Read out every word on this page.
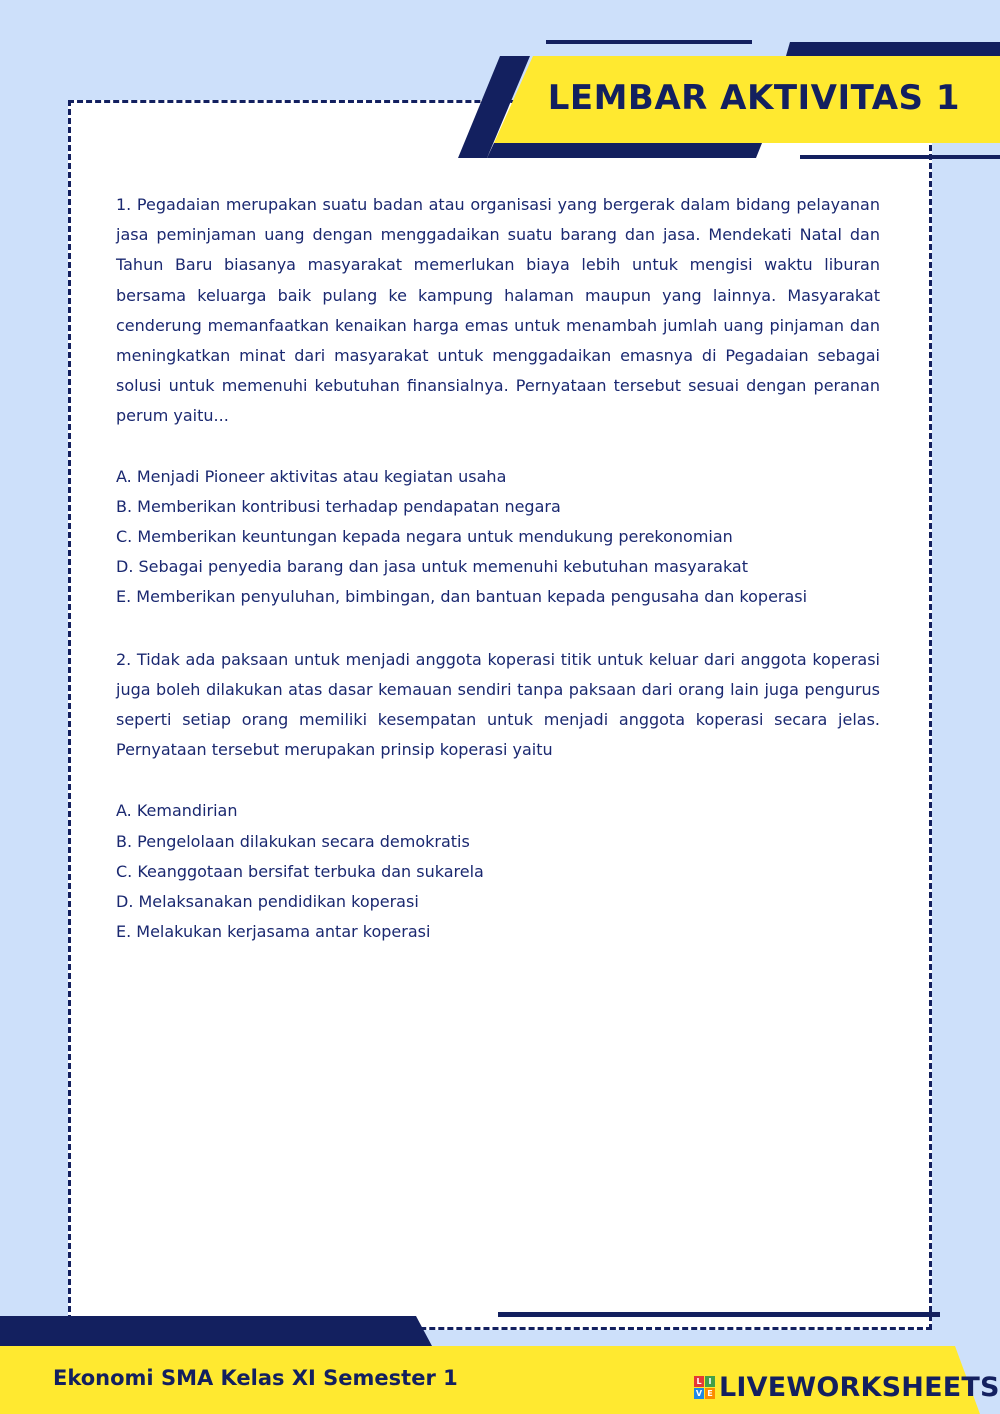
LEMBAR AKTIVITAS 1

1. Pegadaian merupakan suatu badan atau organisasi yang bergerak dalam bidang pelayanan jasa peminjaman uang dengan menggadaikan suatu barang dan jasa. Mendekati Natal dan Tahun Baru biasanya masyarakat memerlukan biaya lebih untuk mengisi waktu liburan bersama keluarga baik pulang ke kampung halaman maupun yang lainnya. Masyarakat cenderung memanfaatkan kenaikan harga emas untuk menambah jumlah uang pinjaman dan meningkatkan minat dari masyarakat untuk menggadaikan emasnya di Pegadaian sebagai solusi untuk memenuhi kebutuhan finansialnya. Pernyataan tersebut sesuai dengan peranan perum yaitu...

A. Menjadi Pioneer aktivitas atau kegiatan usaha
B. Memberikan kontribusi terhadap pendapatan negara
C. Memberikan keuntungan kepada negara untuk mendukung perekonomian
D. Sebagai penyedia barang dan jasa untuk memenuhi kebutuhan masyarakat
E. Memberikan penyuluhan, bimbingan, dan bantuan kepada pengusaha dan koperasi

2. Tidak ada paksaan untuk menjadi anggota koperasi titik untuk keluar dari anggota koperasi juga boleh dilakukan atas dasar kemauan sendiri tanpa paksaan dari orang lain juga pengurus seperti setiap orang memiliki kesempatan untuk menjadi anggota koperasi secara jelas. Pernyataan tersebut merupakan prinsip koperasi yaitu

A. Kemandirian
B. Pengelolaan dilakukan secara demokratis
C. Keanggotaan bersifat terbuka dan sukarela
D. Melaksanakan pendidikan koperasi
E. Melakukan kerjasama antar koperasi
Ekonomi SMA Kelas XI Semester 1	L I
V E LIVEWORKSHEETS
